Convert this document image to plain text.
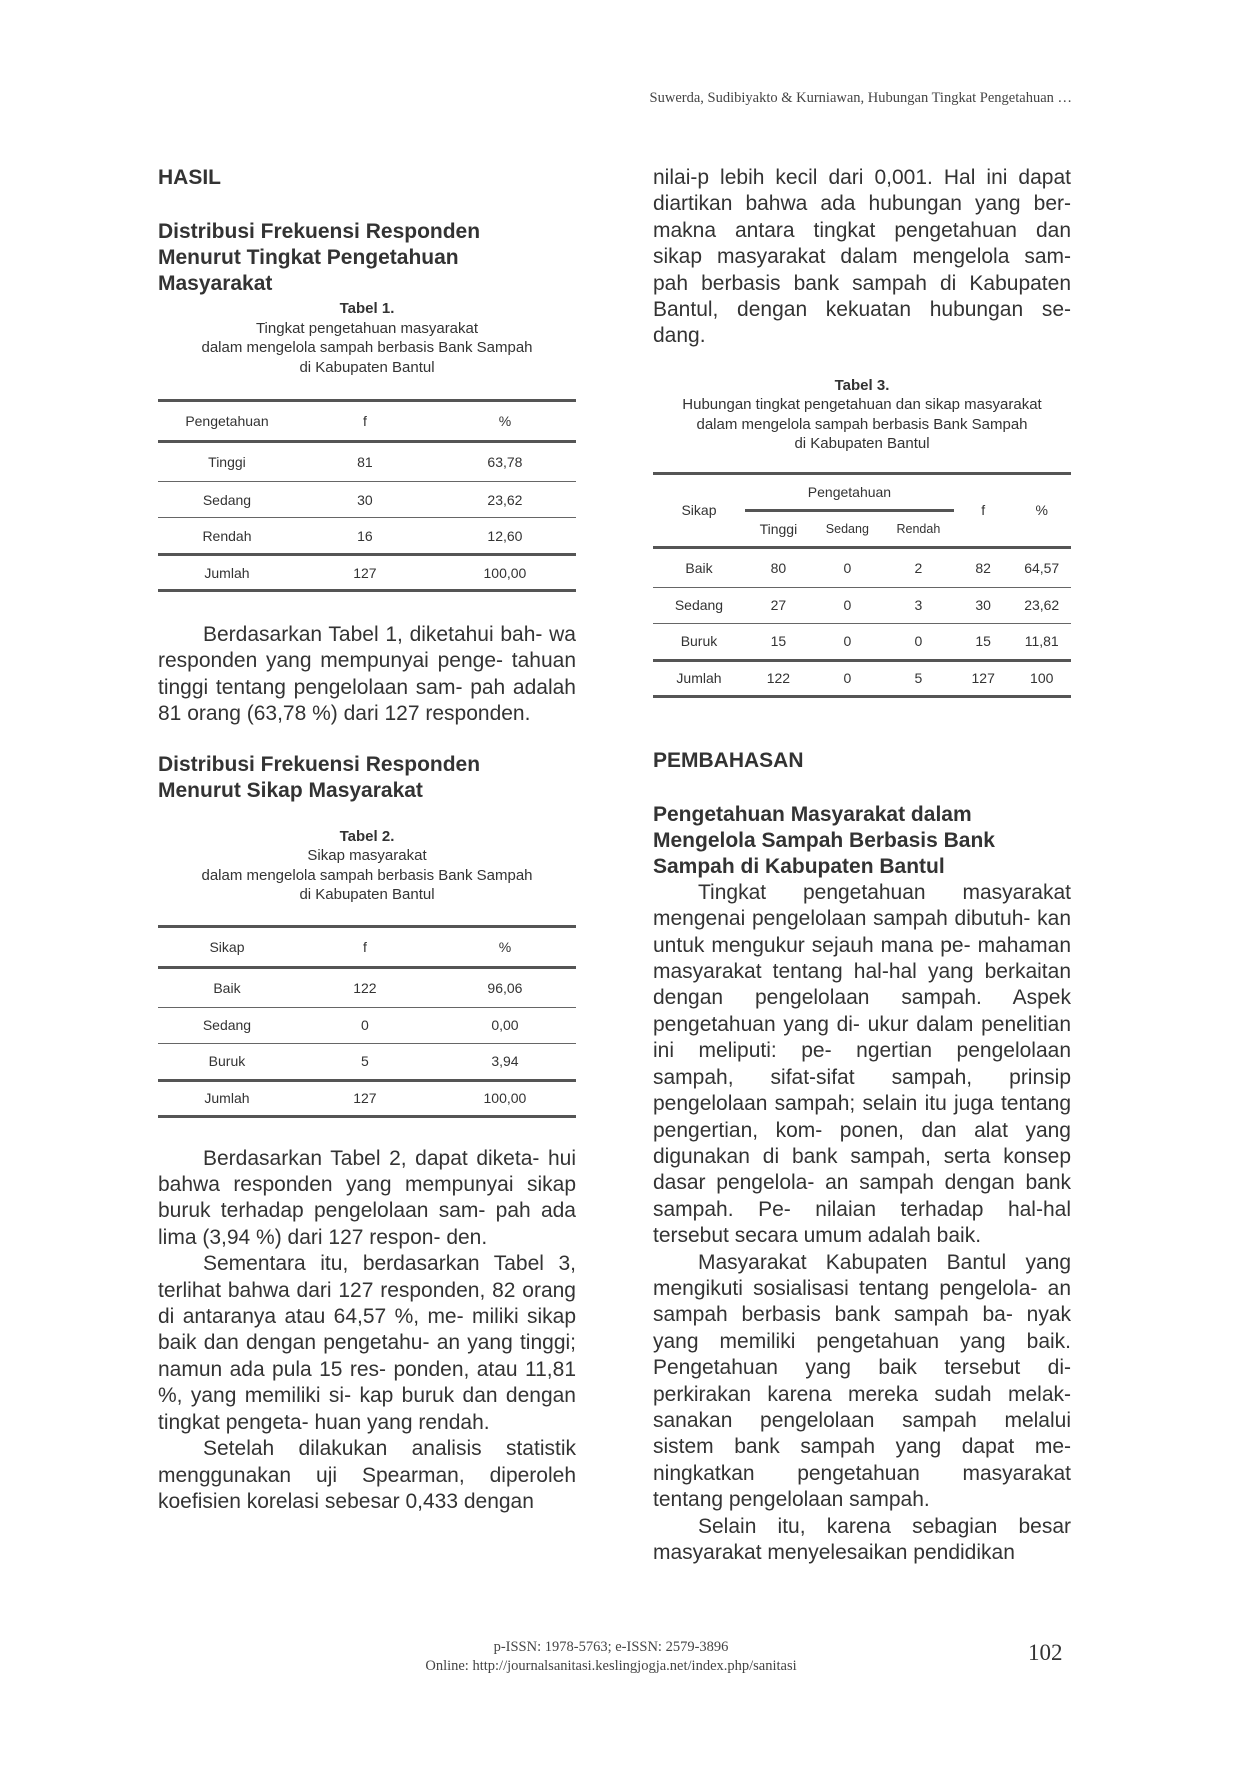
Suwerda, Sudibiyakto & Kurniawan, Hubungan Tingkat Pengetahuan …
HASIL
Distribusi Frekuensi Responden
Menurut Tingkat Pengetahuan
Masyarakat
Tabel 1.
Tingkat pengetahuan masyarakat
dalam mengelola sampah berbasis Bank Sampah
di Kabupaten Bantul
Pengetahuan	f	%
Tinggi	81	63,78
Sedang	30	23,62
Rendah	16	12,60
Jumlah	127	100,00

Berdasarkan Tabel 1, diketahui bah- wa responden yang mempunyai penge- tahuan tinggi tentang pengelolaan sam- pah adalah 81 orang (63,78 %) dari 127 responden.

Distribusi Frekuensi Responden
Menurut Sikap Masyarakat
Tabel 2.
Sikap masyarakat
dalam mengelola sampah berbasis Bank Sampah
di Kabupaten Bantul
Sikap	f	%
Baik	122	96,06
Sedang	0	0,00
Buruk	5	3,94
Jumlah	127	100,00

Berdasarkan Tabel 2, dapat diketa- hui bahwa responden yang mempunyai sikap buruk terhadap pengelolaan sam- pah ada lima (3,94 %) dari 127 respon- den.

Sementara itu, berdasarkan Tabel 3, terlihat bahwa dari 127 responden, 82 orang di antaranya atau 64,57 %, me- miliki sikap baik dan dengan pengetahu- an yang tinggi; namun ada pula 15 res- ponden, atau 11,81 %, yang memiliki si- kap buruk dan dengan tingkat pengeta- huan yang rendah.

Setelah dilakukan analisis statistik menggunakan uji Spearman, diperoleh koefisien korelasi sebesar 0,433 dengan

nilai-p lebih kecil dari 0,001. Hal ini dapat diartikan bahwa ada hubungan yang ber- makna antara tingkat pengetahuan dan sikap masyarakat dalam mengelola sam- pah berbasis bank sampah di Kabupaten Bantul, dengan kekuatan hubungan se- dang.

Tabel 3.
Hubungan tingkat pengetahuan dan sikap masyarakat
dalam mengelola sampah berbasis Bank Sampah
di Kabupaten Bantul
Sikap	Pengetahuan			f	%
	Tinggi	Sedang	Rendah		
Baik	80	0	2	82	64,57
Sedang	27	0	3	30	23,62
Buruk	15	0	0	15	11,81
Jumlah	122	0	5	127	100
PEMBAHASAN
Pengetahuan Masyarakat dalam
Mengelola Sampah Berbasis Bank
Sampah di Kabupaten Bantul

Tingkat pengetahuan masyarakat mengenai pengelolaan sampah dibutuh- kan untuk mengukur sejauh mana pe- mahaman masyarakat tentang hal-hal yang berkaitan dengan pengelolaan sampah. Aspek pengetahuan yang di- ukur dalam penelitian ini meliputi: pe- ngertian pengelolaan sampah, sifat-sifat sampah, prinsip pengelolaan sampah; selain itu juga tentang pengertian, kom- ponen, dan alat yang digunakan di bank sampah, serta konsep dasar pengelola- an sampah dengan bank sampah. Pe- nilaian terhadap hal-hal tersebut secara umum adalah baik.

Masyarakat Kabupaten Bantul yang mengikuti sosialisasi tentang pengelola- an sampah berbasis bank sampah ba- nyak yang memiliki pengetahuan yang baik. Pengetahuan yang baik tersebut di- perkirakan karena mereka sudah melak- sanakan pengelolaan sampah melalui sistem bank sampah yang dapat me- ningkatkan pengetahuan masyarakat tentang pengelolaan sampah.

Selain itu, karena sebagian besar masyarakat menyelesaikan pendidikan

p-ISSN: 1978-5763; e-ISSN: 2579-3896
Online: http://journalsanitasi.keslingjogja.net/index.php/sanitasi
102
